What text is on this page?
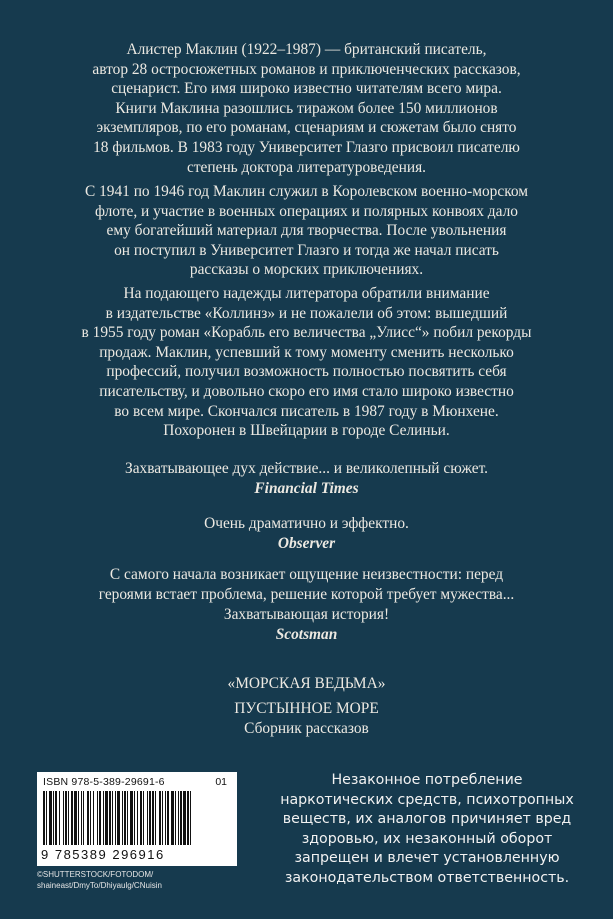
Алистер Маклин (1922–1987) — британский писатель,

автор 28 остросюжетных романов и приключенческих рассказов,

сценарист. Его имя широко известно читателям всего мира.

Книги Маклина разошлись тиражом более 150 миллионов

экземпляров, по его романам, сценариям и сюжетам было снято

18 фильмов. В 1983 году Университет Глазго присвоил писателю

степень доктора литературоведения.

С 1941 по 1946 год Маклин служил в Королевском военно-морском

флоте, и участие в военных операциях и полярных конвоях дало

ему богатейший материал для творчества. После увольнения

он поступил в Университет Глазго и тогда же начал писать

рассказы о морских приключениях.

На подающего надежды литератора обратили внимание

в издательстве «Коллинз» и не пожалели об этом: вышедший

в 1955 году роман «Корабль его величества „Улисс“» побил рекорды

продаж. Маклин, успевший к тому моменту сменить несколько

профессий, получил возможность полностью посвятить себя

писательству, и довольно скоро его имя стало широко известно

во всем мире. Скончался писатель в 1987 году в Мюнхене.

Похоронен в Швейцарии в городе Селиньи.

Захватывающее дух действие... и великолепный сюжет.
Financial Times
Очень драматично и эффектно.
Observer
С самого начала возникает ощущение неизвестности: перед
героями встает проблема, решение которой требует мужества...
Захватывающая история!
Scotsman
«МОРСКАЯ ВЕДЬМА»
ПУСТЫННОЕ МОРЕ
Сборник рассказов
ISBN 978-5-389-29691-6	01
9 785389 296916
©SHUTTERSTOCK/FOTODOM/
shaineast/DmyTo/Dhiyaulg/CNuisin

Незаконное потребление

наркотических средств, психотропных

веществ, их аналогов причиняет вред

здоровью, их незаконный оборот

запрещен и влечет установленную

законодательством ответственность.
